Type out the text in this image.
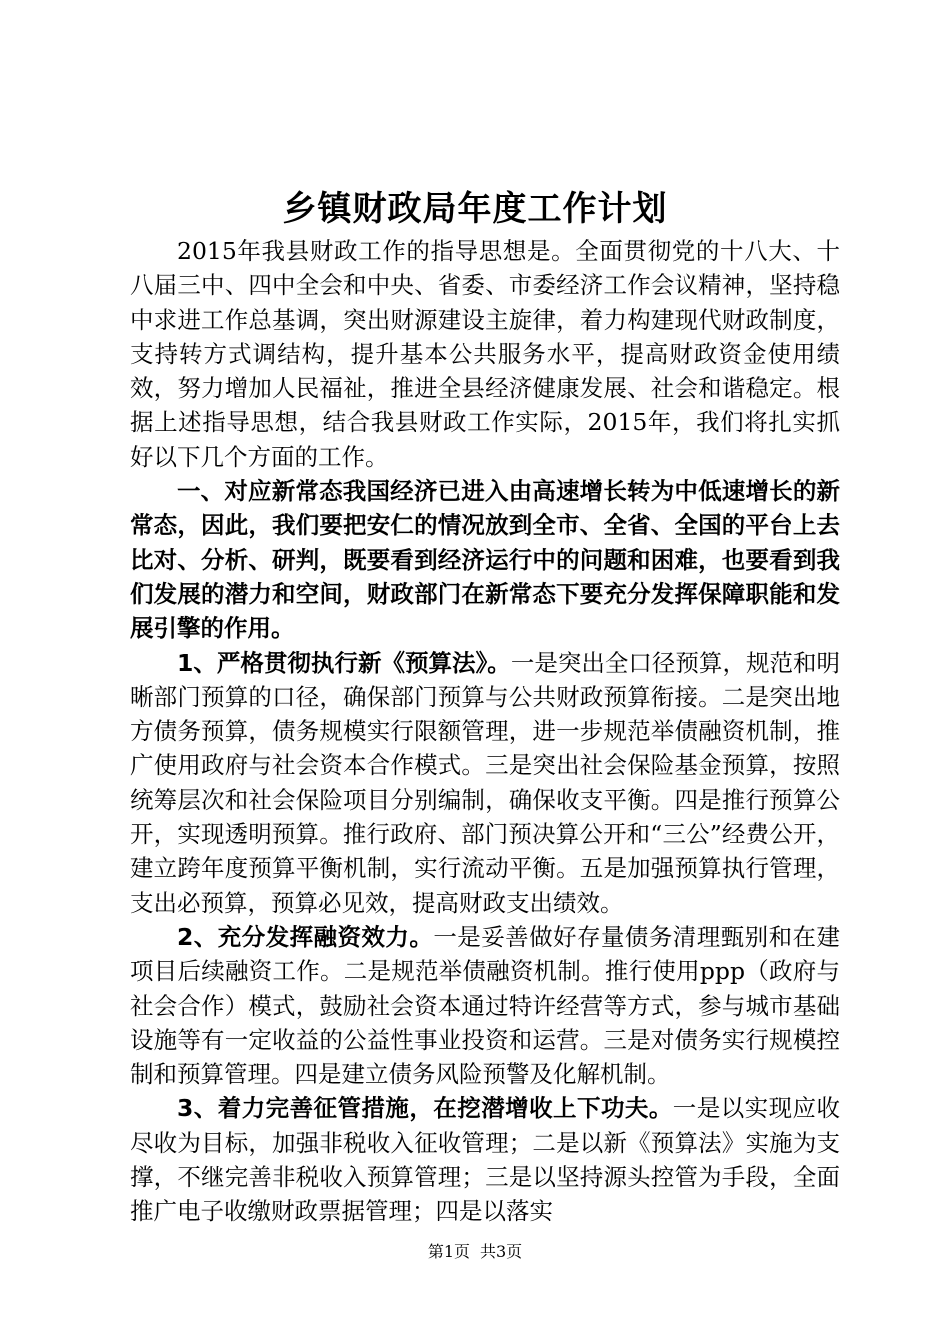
乡镇财政局年度工作计划

2015年我县财政工作的指导思想是。全面贯彻党的十八大、十八届三中、四中全会和中央、省委、市委经济工作会议精神，坚持稳中求进工作总基调，突出财源建设主旋律，着力构建现代财政制度，支持转方式调结构，提升基本公共服务水平，提高财政资金使用绩效，努力增加人民福祉，推进全县经济健康发展、社会和谐稳定。根据上述指导思想，结合我县财政工作实际，2015年，我们将扎实抓好以下几个方面的工作。

一、对应新常态我国经济已进入由高速增长转为中低速增长的新常态，因此，我们要把安仁的情况放到全市、全省、全国的平台上去比对、分析、研判，既要看到经济运行中的问题和困难，也要看到我们发展的潜力和空间，财政部门在新常态下要充分发挥保障职能和发展引擎的作用。

1、严格贯彻执行新《预算法》。一是突出全口径预算，规范和明晰部门预算的口径，确保部门预算与公共财政预算衔接。二是突出地方债务预算，债务规模实行限额管理，进一步规范举债融资机制，推广使用政府与社会资本合作模式。三是突出社会保险基金预算，按照统筹层次和社会保险项目分别编制，确保收支平衡。四是推行预算公开，实现透明预算。推行政府、部门预决算公开和“三公”经费公开，建立跨年度预算平衡机制，实行流动平衡。五是加强预算执行管理，支出必预算，预算必见效，提高财政支出绩效。

2、充分发挥融资效力。一是妥善做好存量债务清理甄别和在建项目后续融资工作。二是规范举债融资机制。推行使用ppp（政府与社会合作）模式，鼓励社会资本通过特许经营等方式，参与城市基础设施等有一定收益的公益性事业投资和运营。三是对债务实行规模控制和预算管理。四是建立债务风险预警及化解机制。

3、着力完善征管措施，在挖潜增收上下功夫。一是以实现应收尽收为目标，加强非税收入征收管理；二是以新《预算法》实施为支撑，不继完善非税收入预算管理；三是以坚持源头控管为手段，全面推广电子收缴财政票据管理；四是以落实

第1页 共3页
